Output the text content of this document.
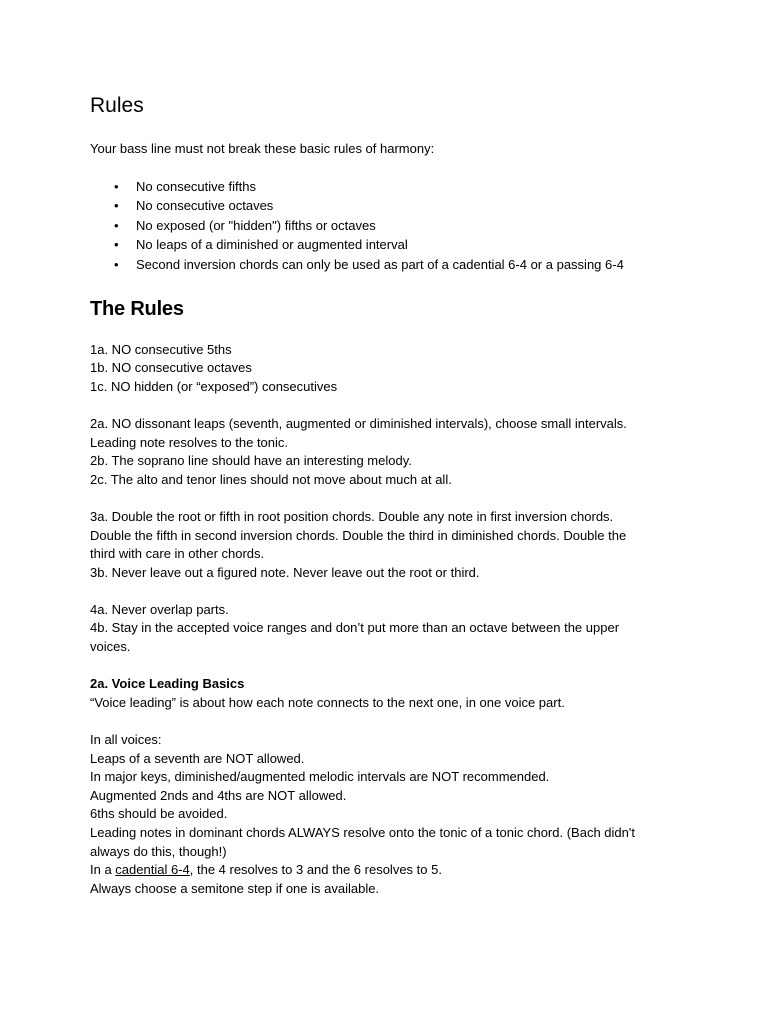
Rules
Your bass line must not break these basic rules of harmony:
• No consecutive fifths
• No consecutive octaves
• No exposed (or "hidden") fifths or octaves
• No leaps of a diminished or augmented interval
• Second inversion chords can only be used as part of a cadential 6-4 or a passing 6-4
The Rules
1a. NO consecutive 5ths
1b. NO consecutive octaves
1c. NO hidden (or “exposed”) consecutives
2a. NO dissonant leaps (seventh, augmented or diminished intervals), choose small intervals.
Leading note resolves to the tonic.
2b. The soprano line should have an interesting melody.
2c. The alto and tenor lines should not move about much at all.
3a. Double the root or fifth in root position chords. Double any note in first inversion chords.
Double the fifth in second inversion chords. Double the third in diminished chords. Double the
third with care in other chords.
3b. Never leave out a figured note. Never leave out the root or third.
4a. Never overlap parts.
4b. Stay in the accepted voice ranges and don’t put more than an octave between the upper
voices.
2a. Voice Leading Basics
“Voice leading” is about how each note connects to the next one, in one voice part.
In all voices:
Leaps of a seventh are NOT allowed.
In major keys, diminished/augmented melodic intervals are NOT recommended.
Augmented 2nds and 4ths are NOT allowed.
6ths should be avoided.
Leading notes in dominant chords ALWAYS resolve onto the tonic of a tonic chord. (Bach didn't
always do this, though!)
In a cadential 6-4, the 4 resolves to 3 and the 6 resolves to 5.
Always choose a semitone step if one is available.
